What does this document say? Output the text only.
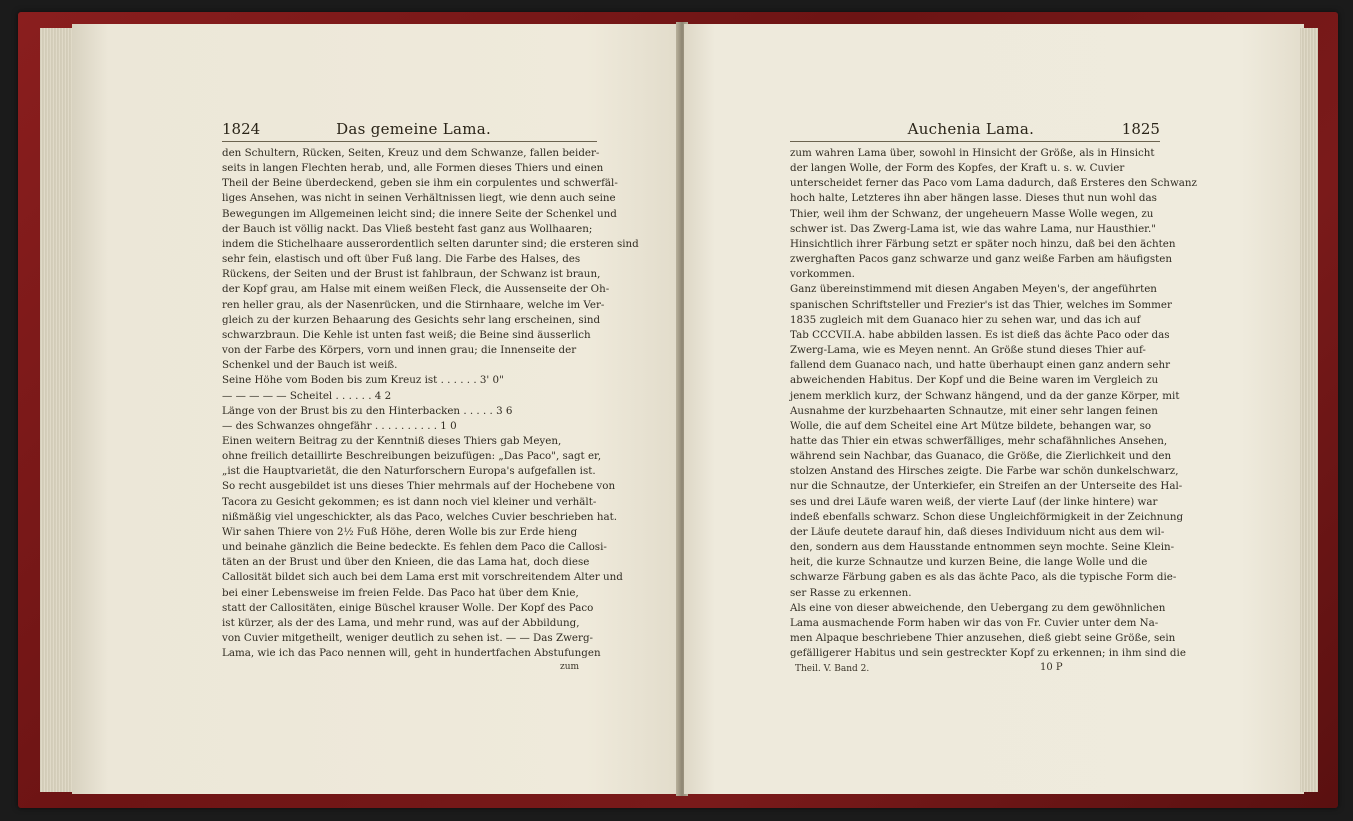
1824	Das gemeine Lama.

den Schultern, Rücken, Seiten, Kreuz und dem Schwanze, fallen beider-

seits in langen Flechten herab, und, alle Formen dieses Thiers und einen

Theil der Beine überdeckend, geben sie ihm ein corpulentes und schwerfäl-

liges Ansehen, was nicht in seinen Verhältnissen liegt, wie denn auch seine

Bewegungen im Allgemeinen leicht sind; die innere Seite der Schenkel und

der Bauch ist völlig nackt. Das Vließ besteht fast ganz aus Wollhaaren;

indem die Stichelhaare ausserordentlich selten darunter sind; die ersteren sind

sehr fein, elastisch und oft über Fuß lang. Die Farbe des Halses, des

Rückens, der Seiten und der Brust ist fahlbraun, der Schwanz ist braun,

der Kopf grau, am Halse mit einem weißen Fleck, die Aussenseite der Oh-

ren heller grau, als der Nasenrücken, und die Stirnhaare, welche im Ver-

gleich zu der kurzen Behaarung des Gesichts sehr lang erscheinen, sind

schwarzbraun. Die Kehle ist unten fast weiß; die Beine sind äusserlich

von der Farbe des Körpers, vorn und innen grau; die Innenseite der

Schenkel und der Bauch ist weiß.

Seine Höhe vom Boden bis zum Kreuz ist . . . . . . 3' 0"

— — — — — Scheitel . . . . . . 4 2

Länge von der Brust bis zu den Hinterbacken . . . . . 3 6

— des Schwanzes ohngefähr . . . . . . . . . . 1 0

Einen weitern Beitrag zu der Kenntniß dieses Thiers gab Meyen,

ohne freilich detaillirte Beschreibungen beizufügen: „Das Paco", sagt er,

„ist die Hauptvarietät, die den Naturforschern Europa's aufgefallen ist.

So recht ausgebildet ist uns dieses Thier mehrmals auf der Hochebene von

Tacora zu Gesicht gekommen; es ist dann noch viel kleiner und verhält-

nißmäßig viel ungeschickter, als das Paco, welches Cuvier beschrieben hat.

Wir sahen Thiere von 2½ Fuß Höhe, deren Wolle bis zur Erde hieng

und beinahe gänzlich die Beine bedeckte. Es fehlen dem Paco die Callosi-

täten an der Brust und über den Knieen, die das Lama hat, doch diese

Callosität bildet sich auch bei dem Lama erst mit vorschreitendem Alter und

bei einer Lebensweise im freien Felde. Das Paco hat über dem Knie,

statt der Callositäten, einige Büschel krauser Wolle. Der Kopf des Paco

ist kürzer, als der des Lama, und mehr rund, was auf der Abbildung,

von Cuvier mitgetheilt, weniger deutlich zu sehen ist. — — Das Zwerg-

Lama, wie ich das Paco nennen will, geht in hundertfachen Abstufungen

zum
Auchenia Lama.	1825

zum wahren Lama über, sowohl in Hinsicht der Größe, als in Hinsicht

der langen Wolle, der Form des Kopfes, der Kraft u. s. w. Cuvier

unterscheidet ferner das Paco vom Lama dadurch, daß Ersteres den Schwanz

hoch halte, Letzteres ihn aber hängen lasse. Dieses thut nun wohl das

Thier, weil ihm der Schwanz, der ungeheuern Masse Wolle wegen, zu

schwer ist. Das Zwerg-Lama ist, wie das wahre Lama, nur Hausthier."

Hinsichtlich ihrer Färbung setzt er später noch hinzu, daß bei den ächten

zwerghaften Pacos ganz schwarze und ganz weiße Farben am häufigsten

vorkommen.

Ganz übereinstimmend mit diesen Angaben Meyen's, der angeführten

spanischen Schriftsteller und Frezier's ist das Thier, welches im Sommer

1835 zugleich mit dem Guanaco hier zu sehen war, und das ich auf

Tab CCCVII.A. habe abbilden lassen. Es ist dieß das ächte Paco oder das

Zwerg-Lama, wie es Meyen nennt. An Größe stund dieses Thier auf-

fallend dem Guanaco nach, und hatte überhaupt einen ganz andern sehr

abweichenden Habitus. Der Kopf und die Beine waren im Vergleich zu

jenem merklich kurz, der Schwanz hängend, und da der ganze Körper, mit

Ausnahme der kurzbehaarten Schnautze, mit einer sehr langen feinen

Wolle, die auf dem Scheitel eine Art Mütze bildete, behangen war, so

hatte das Thier ein etwas schwerfälliges, mehr schafähnliches Ansehen,

während sein Nachbar, das Guanaco, die Größe, die Zierlichkeit und den

stolzen Anstand des Hirsches zeigte. Die Farbe war schön dunkelschwarz,

nur die Schnautze, der Unterkiefer, ein Streifen an der Unterseite des Hal-

ses und drei Läufe waren weiß, der vierte Lauf (der linke hintere) war

indeß ebenfalls schwarz. Schon diese Ungleichförmigkeit in der Zeichnung

der Läufe deutete darauf hin, daß dieses Individuum nicht aus dem wil-

den, sondern aus dem Hausstande entnommen seyn mochte. Seine Klein-

heit, die kurze Schnautze und kurzen Beine, die lange Wolle und die

schwarze Färbung gaben es als das ächte Paco, als die typische Form die-

ser Rasse zu erkennen.

Als eine von dieser abweichende, den Uebergang zu dem gewöhnlichen

Lama ausmachende Form haben wir das von Fr. Cuvier unter dem Na-

men Alpaque beschriebene Thier anzusehen, dieß giebt seine Größe, sein

gefälligerer Habitus und sein gestreckter Kopf zu erkennen; in ihm sind die

Theil. V. Band 2.	10 P
